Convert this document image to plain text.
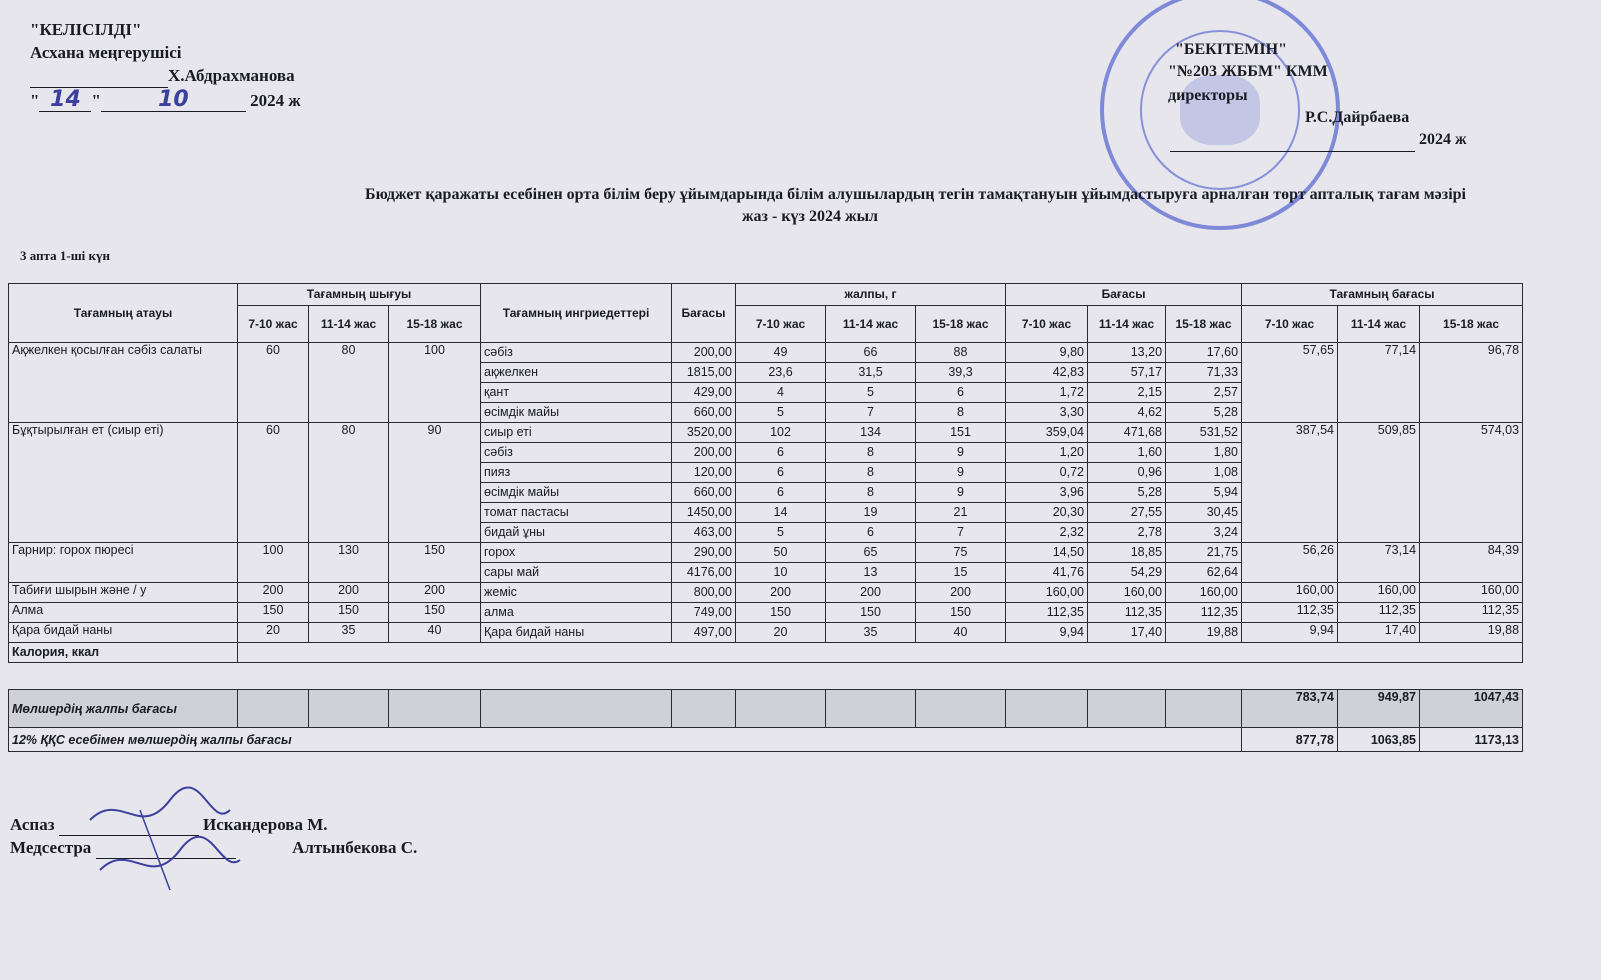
"КЕЛІСІЛДІ"
Асхана меңгерушісі
Х.Абдрахманова
" 14 "	10	2024 ж
"БЕКІТЕМІН"
"№203 ЖББМ" КММ
директоры
Р.С.Дайрбаева
2024 ж
Бюджет қаражаты есебінен орта білім беру ұйымдарында білім алушылардың тегін тамақтануын ұйымдастыруға арналған төрт апталық тағам мәзірі
жаз - күз 2024 жыл
3 апта 1-ші күн
Тағамның атауы	Тағамның шығуы			Тағамның ингриедеттері	Бағасы	жалпы, г			Бағасы			Тағамның бағасы		
	7-10 жас	11-14 жас	15-18 жас			7-10 жас	11-14 жас	15-18 жас	7-10 жас	11-14 жас	15-18 жас	7-10 жас	11-14 жас	15-18 жас
Ақжелкен қосылған сәбіз салаты	60	80	100	сәбіз	200,00	49	66	88	9,80	13,20	17,60	57,65	77,14	96,78
				ақжелкен	1815,00	23,6	31,5	39,3	42,83	57,17	71,33			
				қант	429,00	4	5	6	1,72	2,15	2,57			
				өсімдік майы	660,00	5	7	8	3,30	4,62	5,28			
Бұқтырылған ет (сиыр еті)	60	80	90	сиыр еті	3520,00	102	134	151	359,04	471,68	531,52	387,54	509,85	574,03
				сәбіз	200,00	6	8	9	1,20	1,60	1,80			
				пияз	120,00	6	8	9	0,72	0,96	1,08			
				өсімдік майы	660,00	6	8	9	3,96	5,28	5,94			
				томат пастасы	1450,00	14	19	21	20,30	27,55	30,45			
				бидай ұны	463,00	5	6	7	2,32	2,78	3,24			
Гарнир: горох пюресі	100	130	150	горох	290,00	50	65	75	14,50	18,85	21,75	56,26	73,14	84,39
				сары май	4176,00	10	13	15	41,76	54,29	62,64			
Табиғи шырын және / у	200	200	200	жеміс	800,00	200	200	200	160,00	160,00	160,00	160,00	160,00	160,00
Алма	150	150	150	алма	749,00	150	150	150	112,35	112,35	112,35	112,35	112,35	112,35
Қара бидай наны	20	35	40	Қара бидай наны	497,00	20	35	40	9,94	17,40	19,88	9,94	17,40	19,88
Калория, ккал														
Мөлшердің жалпы бағасы												783,74	949,87	1047,43
12% ҚҚС есебімен мөлшердің жалпы бағасы												877,78	1063,85	1173,13
Аспаз	Искандерова М.
Медсестра	Алтынбекова С.
